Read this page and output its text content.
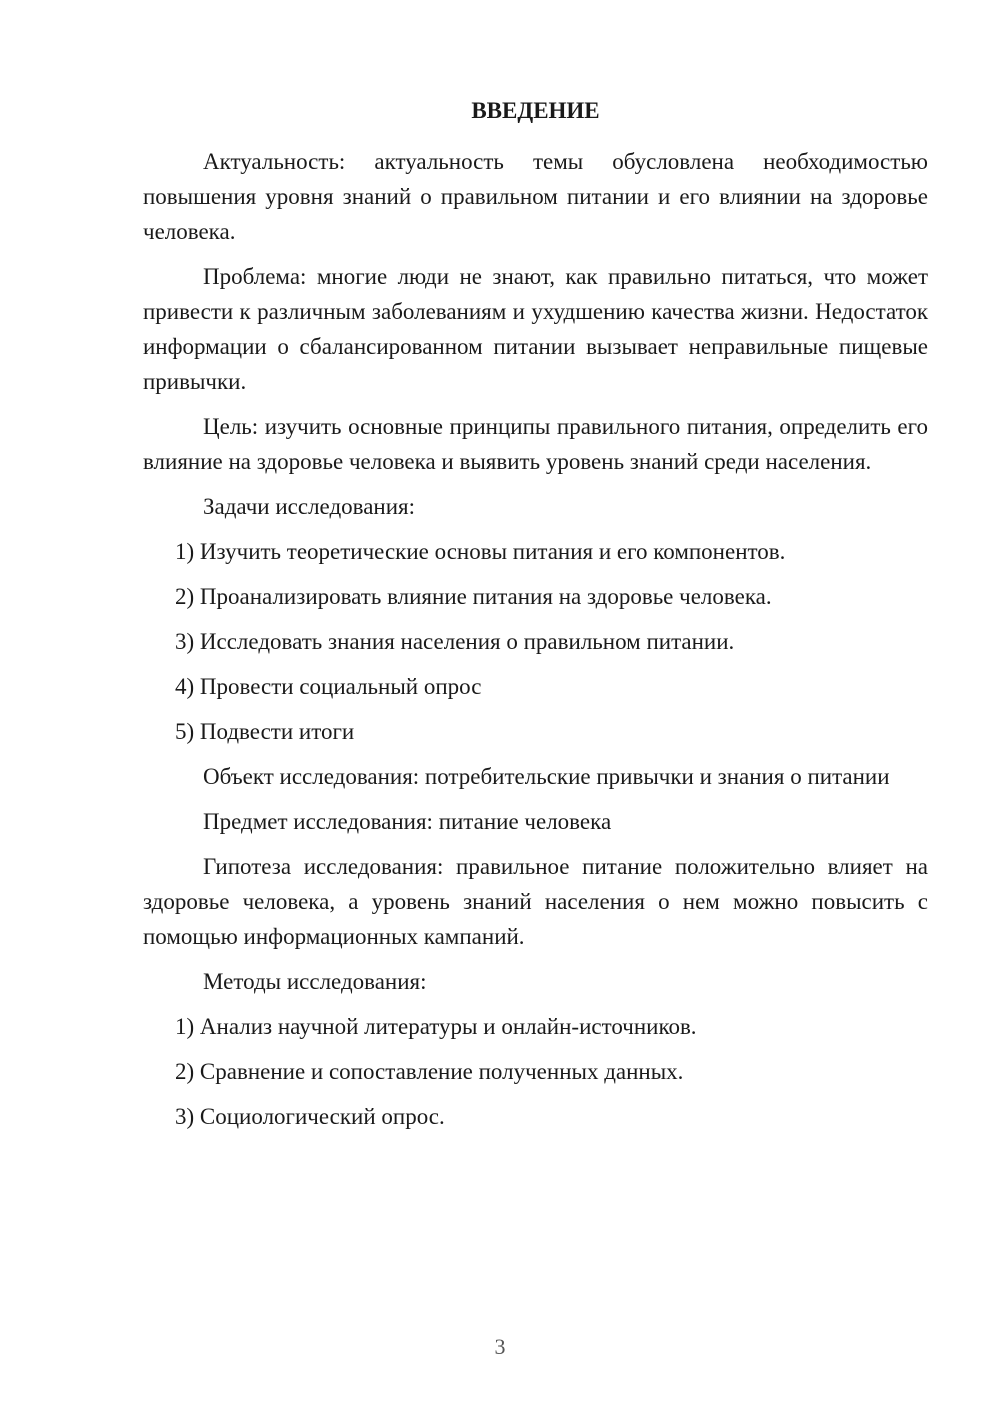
ВВЕДЕНИЕ

Актуальность: актуальность темы обусловлена необходимостью повышения уровня знаний о правильном питании и его влиянии на здоровье человека.

Проблема: многие люди не знают, как правильно питаться, что может привести к различным заболеваниям и ухудшению качества жизни. Недостаток информации о сбалансированном питании вызывает неправильные пищевые привычки.

Цель: изучить основные принципы правильного питания, определить его влияние на здоровье человека и выявить уровень знаний среди населения.

Задачи исследования:

1) Изучить теоретические основы питания и его компонентов.
2) Проанализировать влияние питания на здоровье человека.
3) Исследовать знания населения о правильном питании.
4) Провести социальный опрос
5) Подвести итоги

Объект исследования: потребительские привычки и знания о питании

Предмет исследования: питание человека

Гипотеза исследования: правильное питание положительно влияет на здоровье человека, а уровень знаний населения о нем можно повысить с помощью информационных кампаний.

Методы исследования:

1) Анализ научной литературы и онлайн-источников.
2) Сравнение и сопоставление полученных данных.
3) Социологический опрос.
3
